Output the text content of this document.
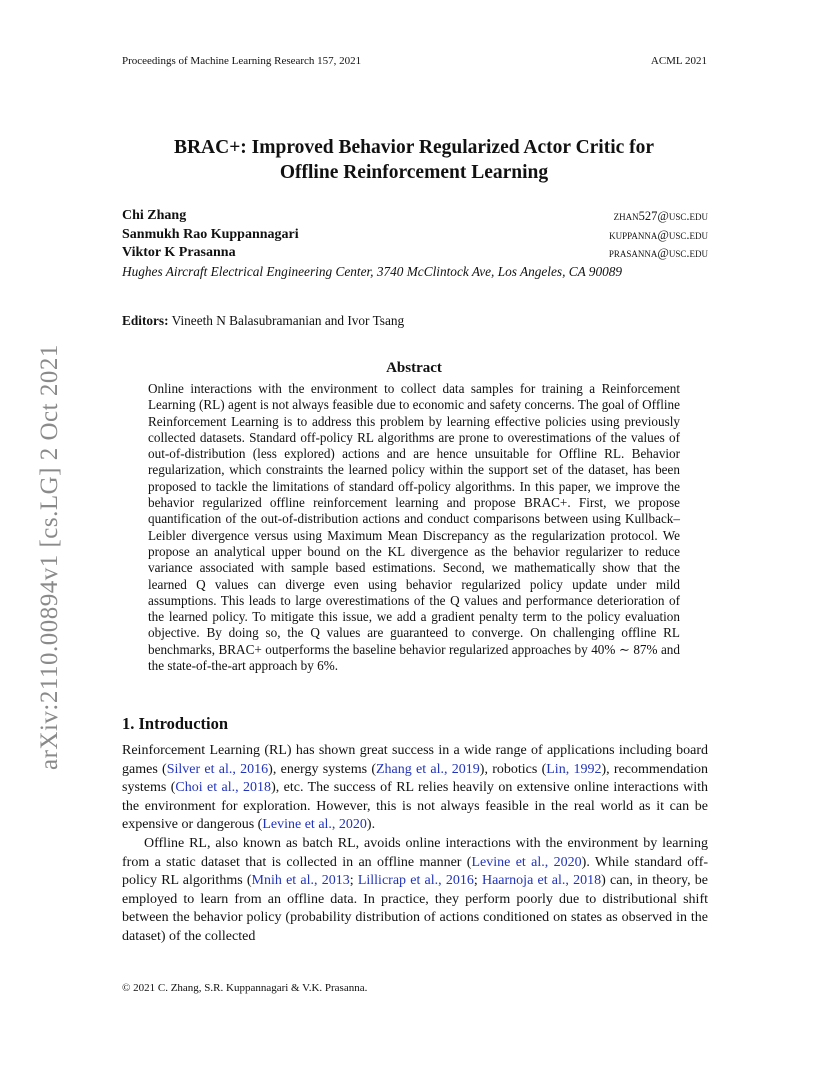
Proceedings of Machine Learning Research 157, 2021	ACML 2021
arXiv:2110.00894v1 [cs.LG] 2 Oct 2021
BRAC+: Improved Behavior Regularized Actor Critic for
Offline Reinforcement Learning
Chi Zhang	zhan527@usc.edu
Sanmukh Rao Kuppannagari	kuppanna@usc.edu
Viktor K Prasanna	prasanna@usc.edu
Hughes Aircraft Electrical Engineering Center, 3740 McClintock Ave, Los Angeles, CA 90089
Editors: Vineeth N Balasubramanian and Ivor Tsang
Abstract
Online interactions with the environment to collect data samples for training a Reinforcement Learning (RL) agent is not always feasible due to economic and safety concerns. The goal of Offline Reinforcement Learning is to address this problem by learning effective policies using previously collected datasets. Standard off-policy RL algorithms are prone to overestimations of the values of out-of-distribution (less explored) actions and are hence unsuitable for Offline RL. Behavior regularization, which constraints the learned policy within the support set of the dataset, has been proposed to tackle the limitations of standard off-policy algorithms. In this paper, we improve the behavior regularized offline reinforcement learning and propose BRAC+. First, we propose quantification of the out-of-distribution actions and conduct comparisons between using Kullback–Leibler divergence versus using Maximum Mean Discrepancy as the regularization protocol. We propose an analytical upper bound on the KL divergence as the behavior regularizer to reduce variance associated with sample based estimations. Second, we mathematically show that the learned Q values can diverge even using behavior regularized policy update under mild assumptions. This leads to large overestimations of the Q values and performance deterioration of the learned policy. To mitigate this issue, we add a gradient penalty term to the policy evaluation objective. By doing so, the Q values are guaranteed to converge. On challenging offline RL benchmarks, BRAC+ outperforms the baseline behavior regularized approaches by 40% ∼ 87% and the state-of-the-art approach by 6%.
1. Introduction

Reinforcement Learning (RL) has shown great success in a wide range of applications including board games (Silver et al., 2016), energy systems (Zhang et al., 2019), robotics (Lin, 1992), recommendation systems (Choi et al., 2018), etc. The success of RL relies heavily on extensive online interactions with the environment for exploration. However, this is not always feasible in the real world as it can be expensive or dangerous (Levine et al., 2020).

Offline RL, also known as batch RL, avoids online interactions with the environment by learning from a static dataset that is collected in an offline manner (Levine et al., 2020). While standard off-policy RL algorithms (Mnih et al., 2013; Lillicrap et al., 2016; Haarnoja et al., 2018) can, in theory, be employed to learn from an offline data. In practice, they perform poorly due to distributional shift between the behavior policy (probability distribution of actions conditioned on states as observed in the dataset) of the collected

© 2021 C. Zhang, S.R. Kuppannagari & V.K. Prasanna.
